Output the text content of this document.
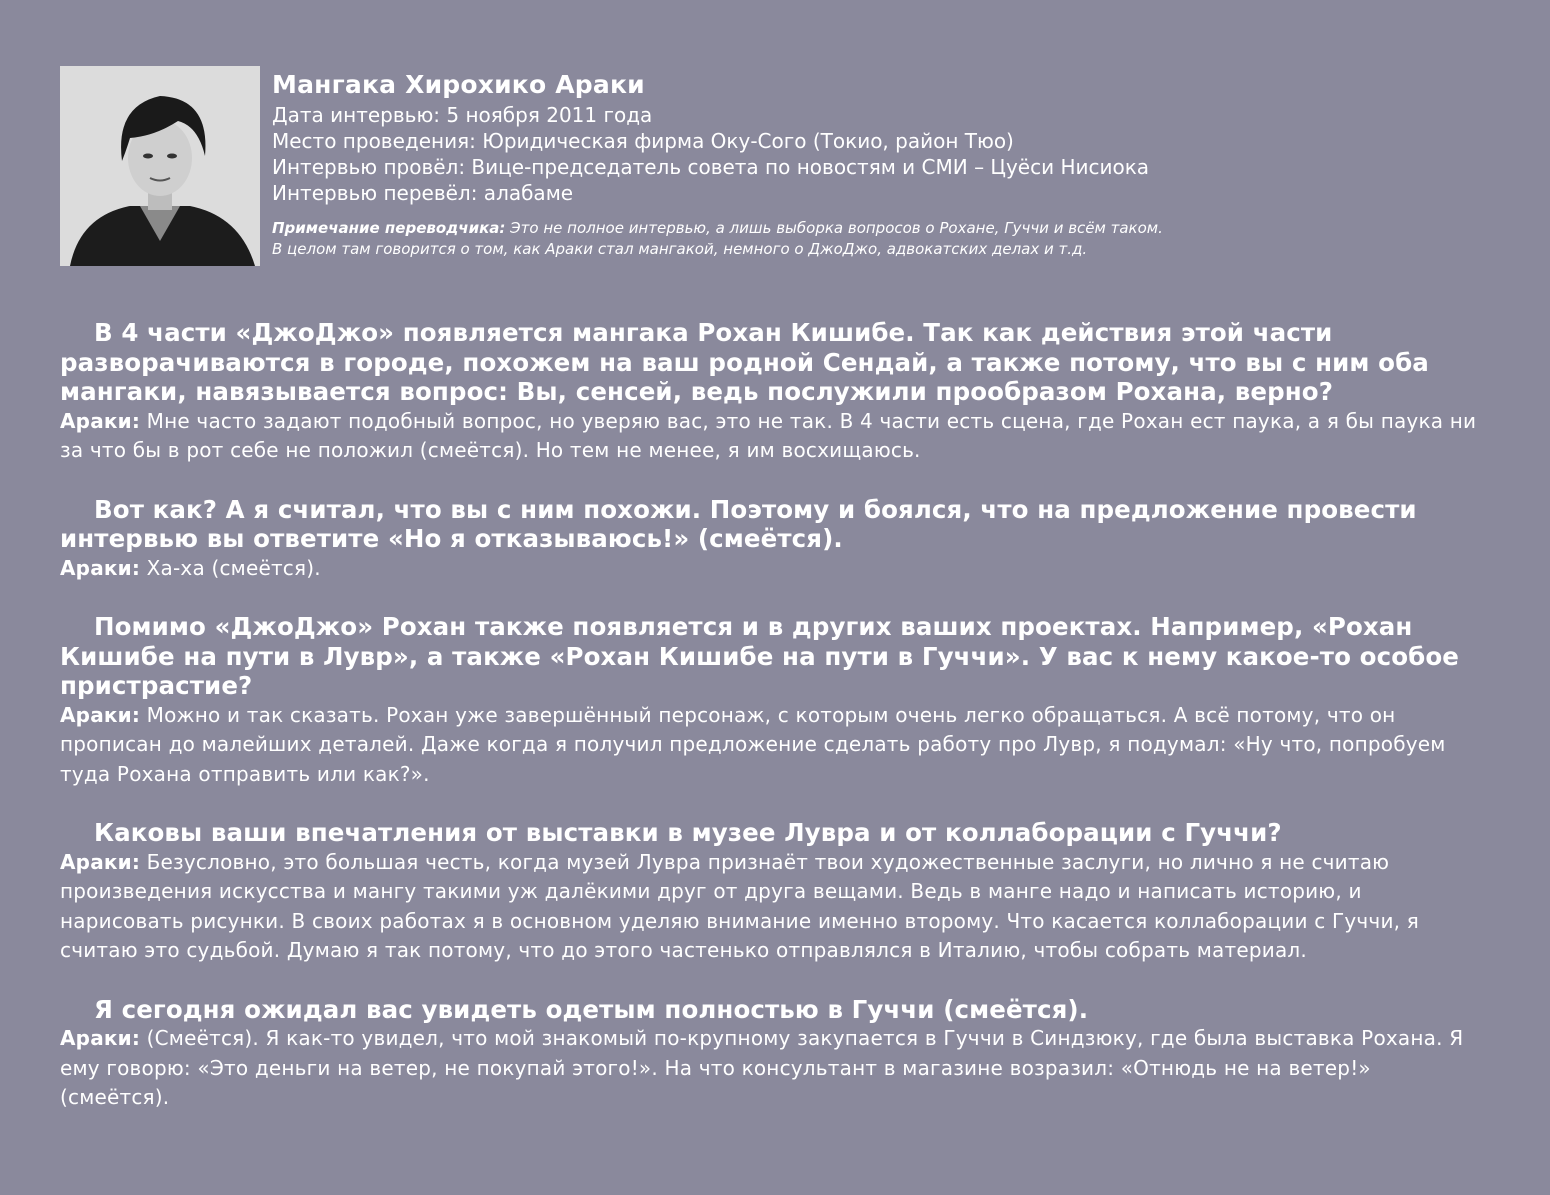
Мангака Хирохико Араки
Дата интервью: 5 ноября 2011 года
Место проведения: Юридическая фирма Оку-Сого (Токио, район Тюо)
Интервью провёл: Вице-председатель совета по новостям и СМИ – Цуёси Нисиока
Интервью перевёл: алабаме
Примечание переводчика: Это не полное интервью, а лишь выборка вопросов о Рохане, Гуччи и всём таком.
В целом там говорится о том, как Араки стал мангакой, немного о ДжоДжо, адвокатских делах и т.д.

В 4 части «ДжоДжо» появляется мангака Рохан Кишибе. Так как действия этой части разворачиваются в городе, похожем на ваш родной Сендай, а также потому, что вы с ним оба мангаки, навязывается вопрос: Вы, сенсей, ведь послужили прообразом Рохана, верно?

Араки: Мне часто задают подобный вопрос, но уверяю вас, это не так. В 4 части есть сцена, где Рохан ест паука, а я бы паука ни за что бы в рот себе не положил (смеётся). Но тем не менее, я им восхищаюсь.

Вот как? А я считал, что вы с ним похожи. Поэтому и боялся, что на предложение провести интервью вы ответите «Но я отказываюсь!» (смеётся).

Араки: Ха-ха (смеётся).

Помимо «ДжоДжо» Рохан также появляется и в других ваших проектах. Например, «Рохан Кишибе на пути в Лувр», а также «Рохан Кишибе на пути в Гуччи». У вас к нему какое-то особое пристрастие?

Араки: Можно и так сказать. Рохан уже завершённый персонаж, с которым очень легко обращаться. А всё потому, что он прописан до малейших деталей. Даже когда я получил предложение сделать работу про Лувр, я подумал: «Ну что, попробуем туда Рохана отправить или как?».

Каковы ваши впечатления от выставки в музее Лувра и от коллаборации с Гуччи?

Араки: Безусловно, это большая честь, когда музей Лувра признаёт твои художественные заслуги, но лично я не считаю произведения искусства и мангу такими уж далёкими друг от друга вещами. Ведь в манге надо и написать историю, и нарисовать рисунки. В своих работах я в основном уделяю внимание именно второму. Что касается коллаборации с Гуччи, я считаю это судьбой. Думаю я так потому, что до этого частенько отправлялся в Италию, чтобы собрать материал.

Я сегодня ожидал вас увидеть одетым полностью в Гуччи (смеётся).

Араки: (Смеётся). Я как-то увидел, что мой знакомый по-крупному закупается в Гуччи в Синдзюку, где была выставка Рохана. Я ему говорю: «Это деньги на ветер, не покупай этого!». На что консультант в магазине возразил: «Отнюдь не на ветер!» (смеётся).
